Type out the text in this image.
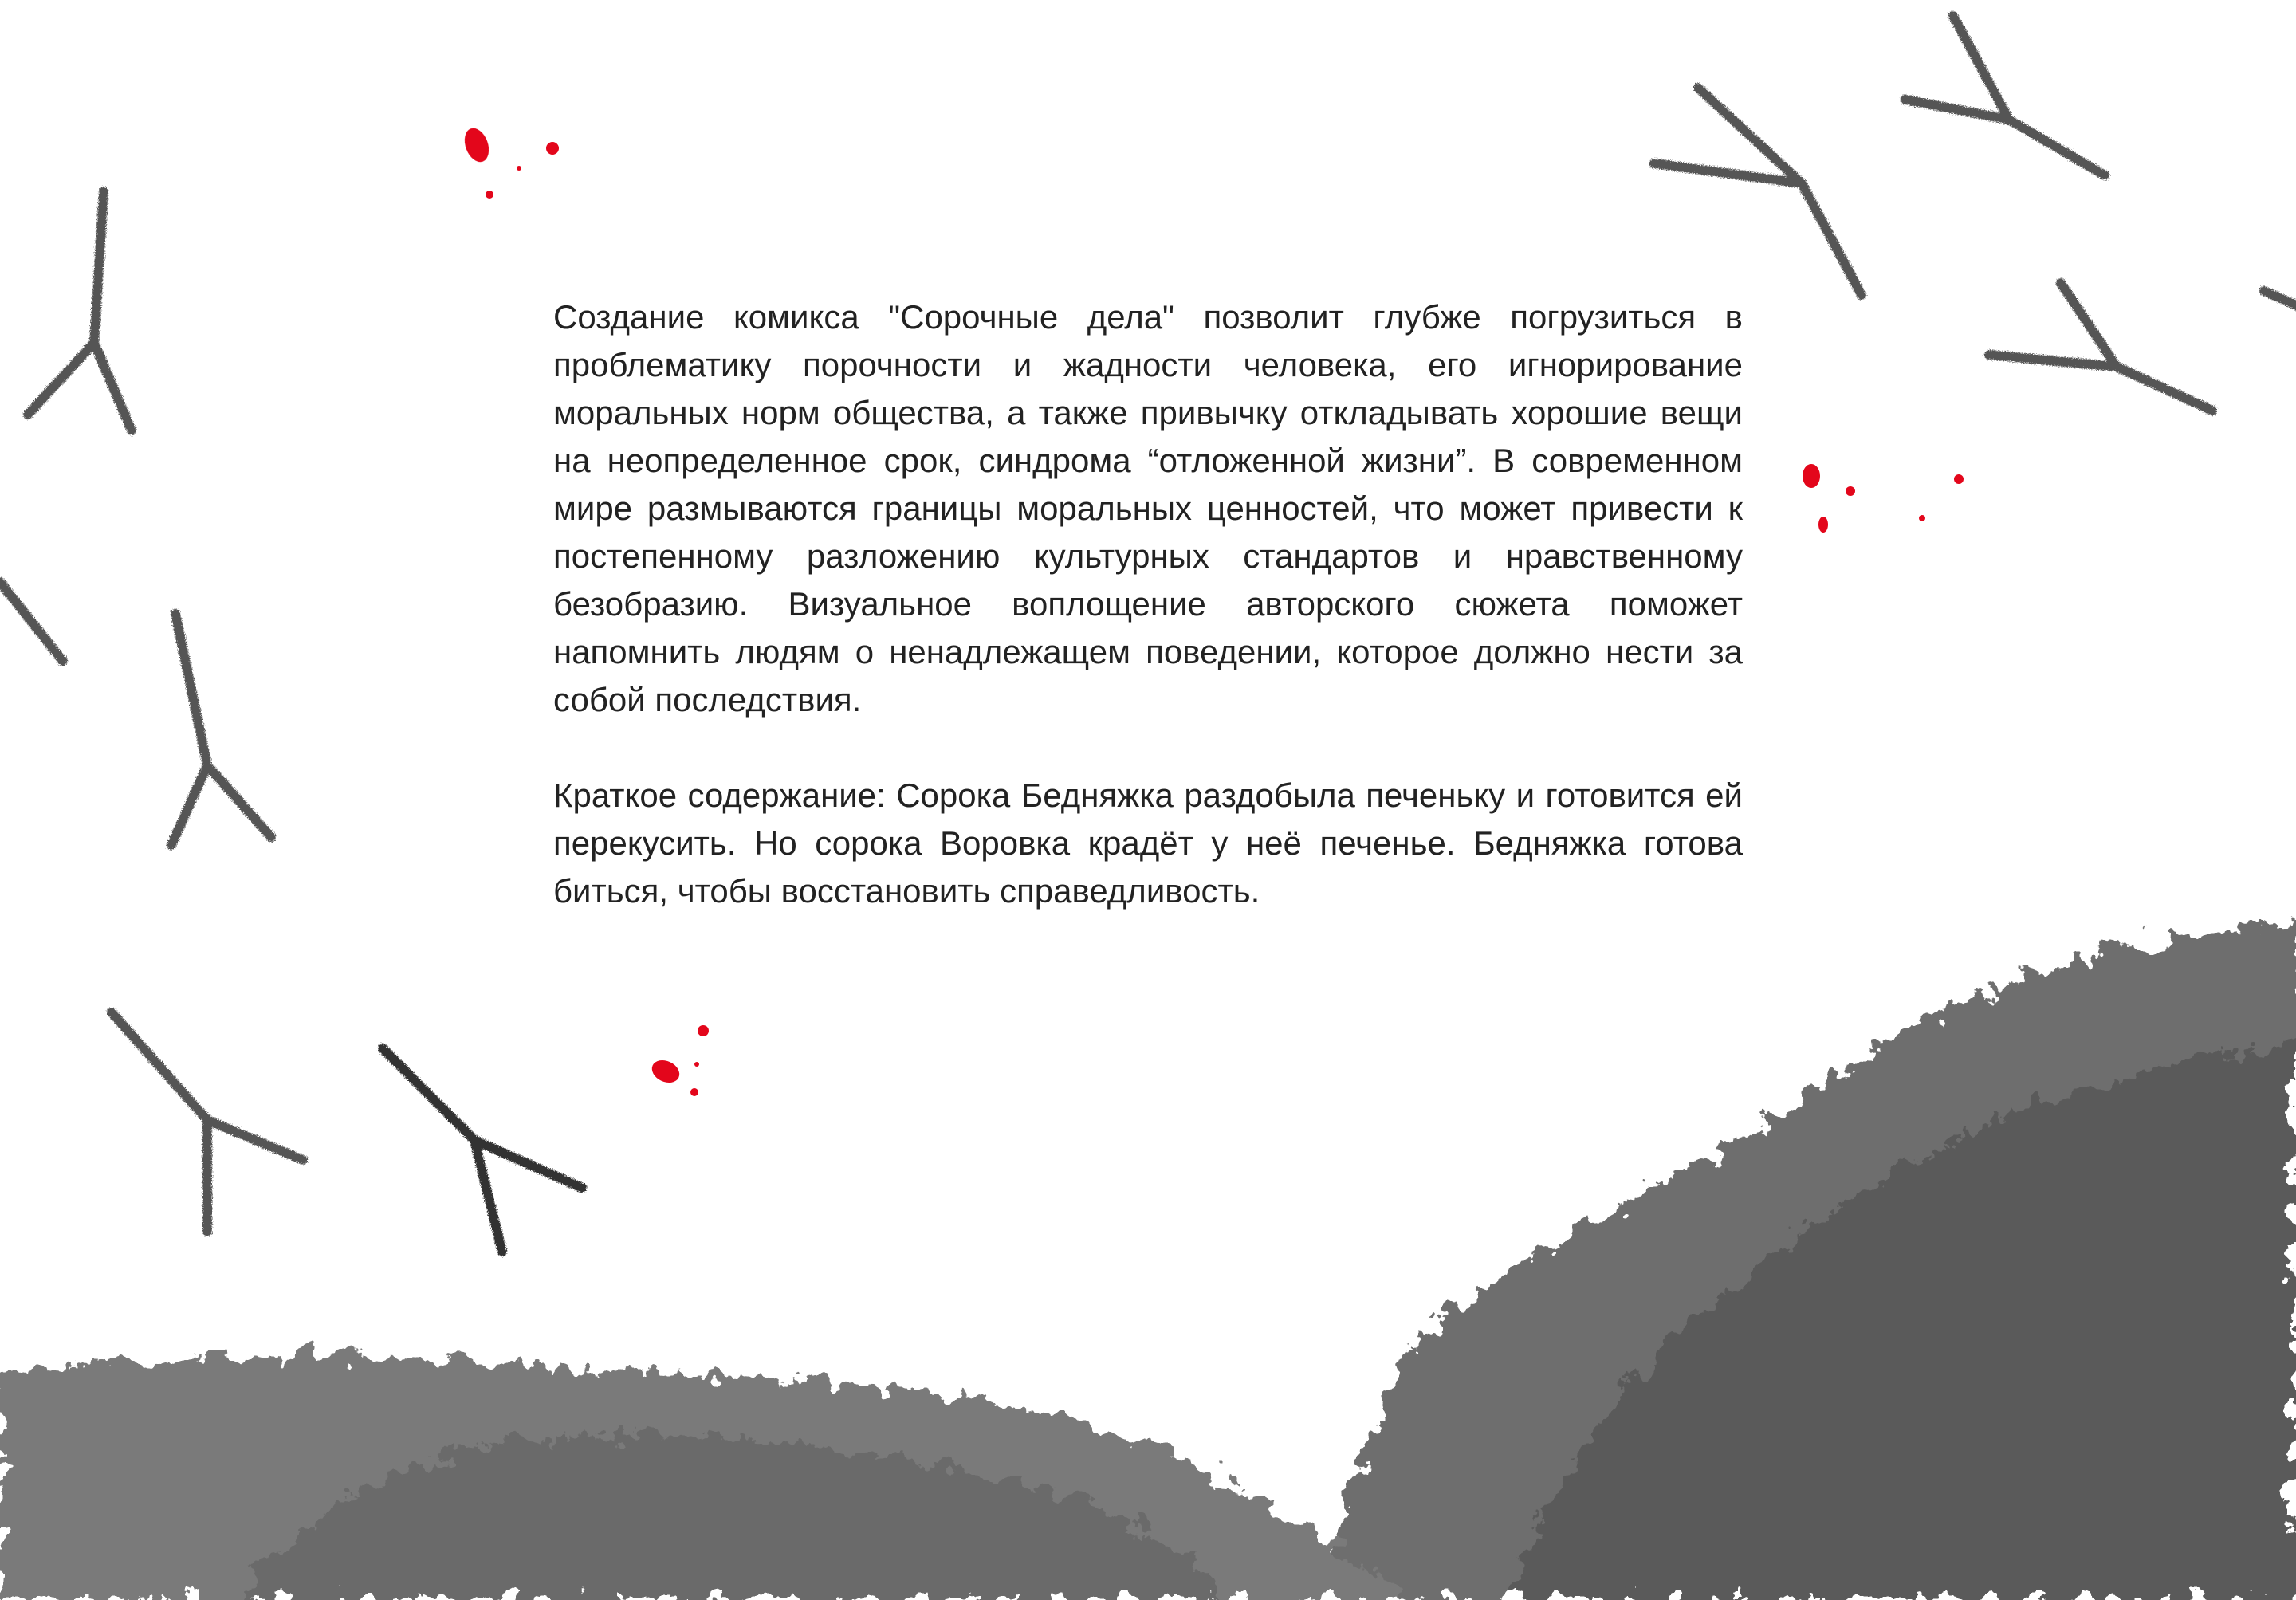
Создание комикса "Сорочные дела" позволит глубже погрузиться в проблематику порочности и жадности человека, его игнорирование моральных норм общества, а также привычку откладывать хорошие вещи на неопределенное срок, синдрома “отложенной жизни”. В современном мире размываются границы моральных ценностей, что может привести к постепенному разложению культурных стандартов и нравственному безобразию. Визуальное воплощение авторского сюжета поможет напомнить людям о ненадлежащем поведении, которое должно нести за собой последствия.

Краткое содержание: Сорока Бедняжка раздобыла печеньку и готовится ей перекусить. Но сорока Воровка крадёт у неё печенье. Бедняжка готова биться, чтобы восстановить справедливость.
